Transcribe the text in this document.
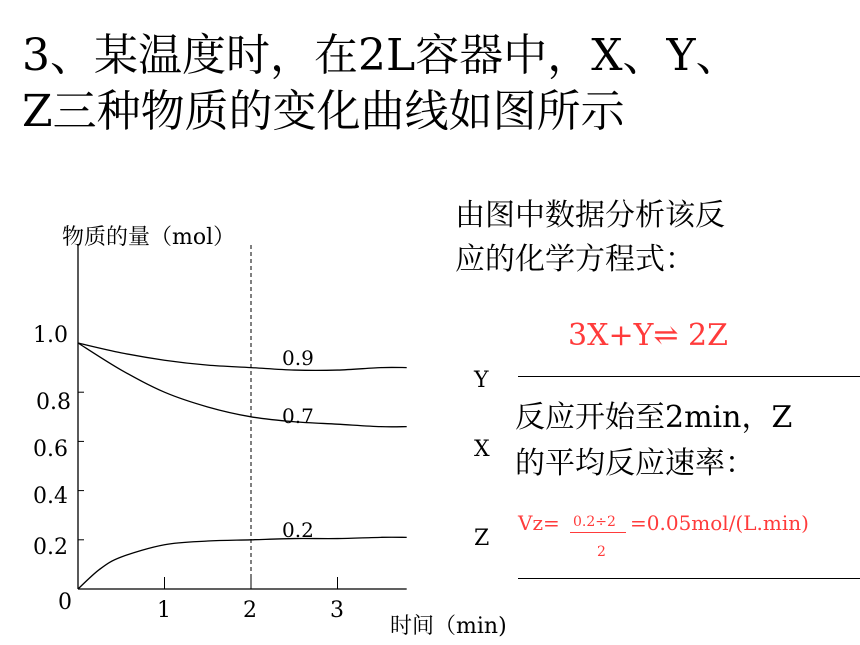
3、某温度时，在2L容器中，X、Y、
Z三种物质的变化曲线如图所示
物质的量（mol）
时间（min)
1.0
0.8
0.6
0.4
0.2
0	1	2	3
0.9
0.7
0.2
Y
X
Z
由图中数据分析该反
应的化学方程式：
3X+Y⇌ 2Z
反应开始至2min，Z
的平均反应速率：
Vz= 0.2÷2
2
=0.05mol/(L.min)
